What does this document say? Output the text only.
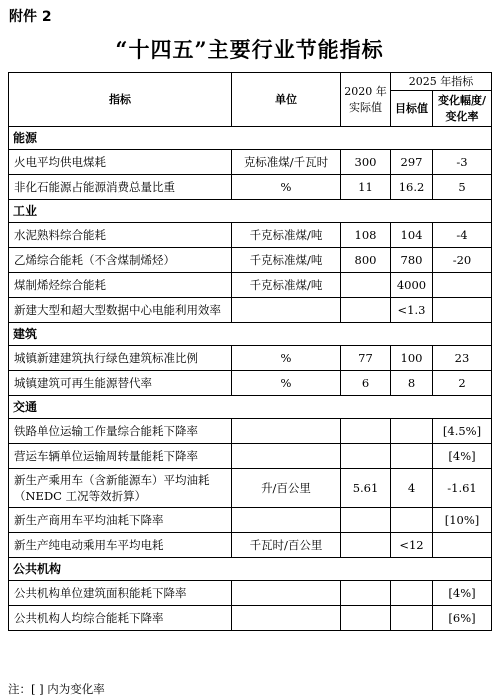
附件 2
“十四五”主要行业节能指标
指标	单位	2020 年实际值	2025 年指标	
			目标值	变化幅度/变化率
能源				
火电平均供电煤耗	克标准煤/千瓦时	300	297	-3
非化石能源占能源消费总量比重	%	11	16.2	5
工业				
水泥熟料综合能耗	千克标准煤/吨	108	104	-4
乙烯综合能耗（不含煤制烯烃）	千克标准煤/吨	800	780	-20
煤制烯烃综合能耗	千克标准煤/吨		4000	
新建大型和超大型数据中心电能利用效率			<1.3	
建筑				
城镇新建建筑执行绿色建筑标准比例	%	77	100	23
城镇建筑可再生能源替代率	%	6	8	2
交通				
铁路单位运输工作量综合能耗下降率				[4.5%]
营运车辆单位运输周转量能耗下降率				[4%]
新生产乘用车（含新能源车）平均油耗（NEDC 工况等效折算）	升/百公里	5.61	4	-1.61
新生产商用车平均油耗下降率				[10%]
新生产纯电动乘用车平均电耗	千瓦时/百公里		<12	
公共机构				
公共机构单位建筑面积能耗下降率				[4%]
公共机构人均综合能耗下降率				[6%]
注：[ ] 内为变化率
